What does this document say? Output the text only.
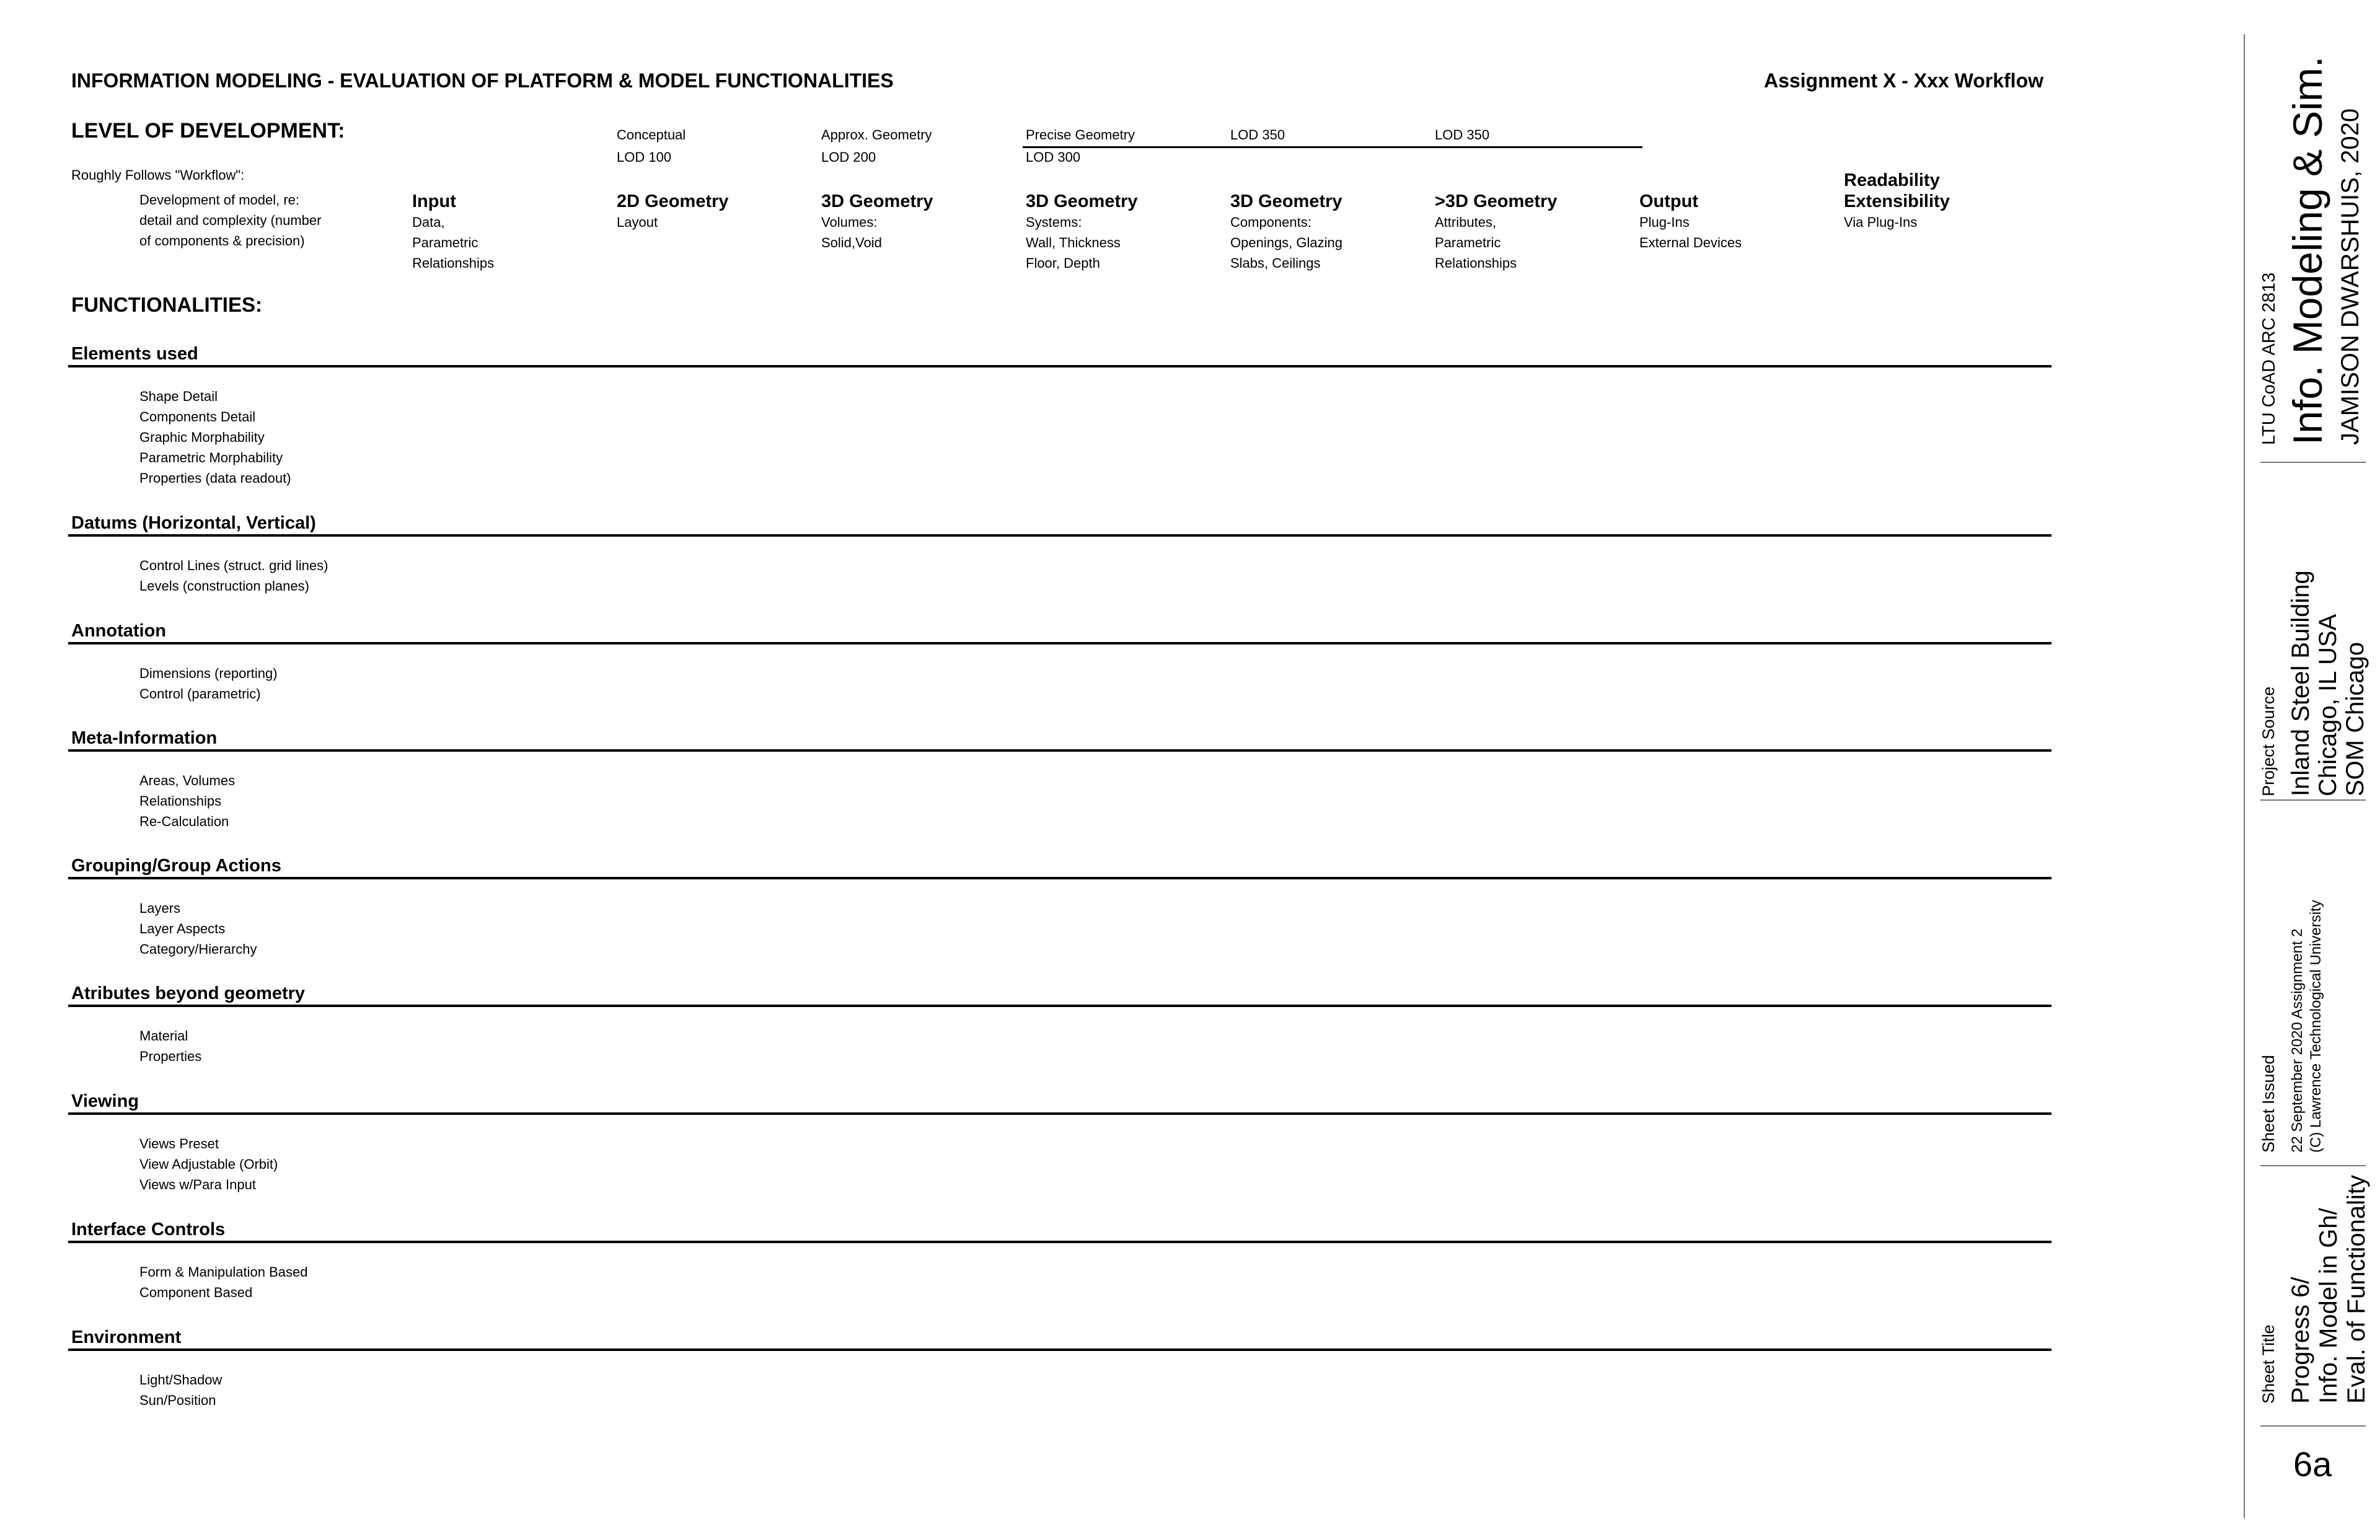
INFORMATION MODELING - EVALUATION OF PLATFORM & MODEL FUNCTIONALITIES	Assignment X - Xxx Workflow
LEVEL OF DEVELOPMENT:
Roughly Follows "Workflow":
Development of model, re:
detail and complexity (number
of components & precision)
Input
Data,
Parametric
Relationships
Conceptual
LOD 100
2D Geometry
Layout
Approx. Geometry
LOD 200
3D Geometry
Volumes:
Solid,Void
Precise Geometry
LOD 300
3D Geometry
Systems:
Wall, Thickness
Floor, Depth
LOD 350
3D Geometry
Components:
Openings, Glazing
Slabs, Ceilings
LOD 350
>3D Geometry
Attributes,
Parametric
Relationships
Output
Plug-Ins
External Devices
Readability
Extensibility
Via Plug-Ins
FUNCTIONALITIES:
Elements used
Shape Detail
Components Detail
Graphic Morphability
Parametric Morphability
Properties (data readout)
Datums (Horizontal, Vertical)
Control Lines (struct. grid lines)
Levels (construction planes)
Annotation
Dimensions (reporting)
Control (parametric)
Meta-Information
Areas, Volumes
Relationships
Re-Calculation
Grouping/Group Actions
Layers
Layer Aspects
Category/Hierarchy
Atributes beyond geometry
Material
Properties
Viewing
Views Preset
View Adjustable (Orbit)
Views w/Para Input
Interface Controls
Form & Manipulation Based
Component Based
Environment
Light/Shadow
Sun/Position
LTU CoAD ARC 2813 Info. Modeling & Sim. JAMISON DWARSHUIS, 2020
Project Source Inland Steel Building Chicago, IL USA SOM Chicago
Sheet Issued 22 September 2020 Assignment 2 (C) Lawrence Technological University
Sheet Title Progress 6/ Info. Model in Gh/ Eval. of Functionality
6a
